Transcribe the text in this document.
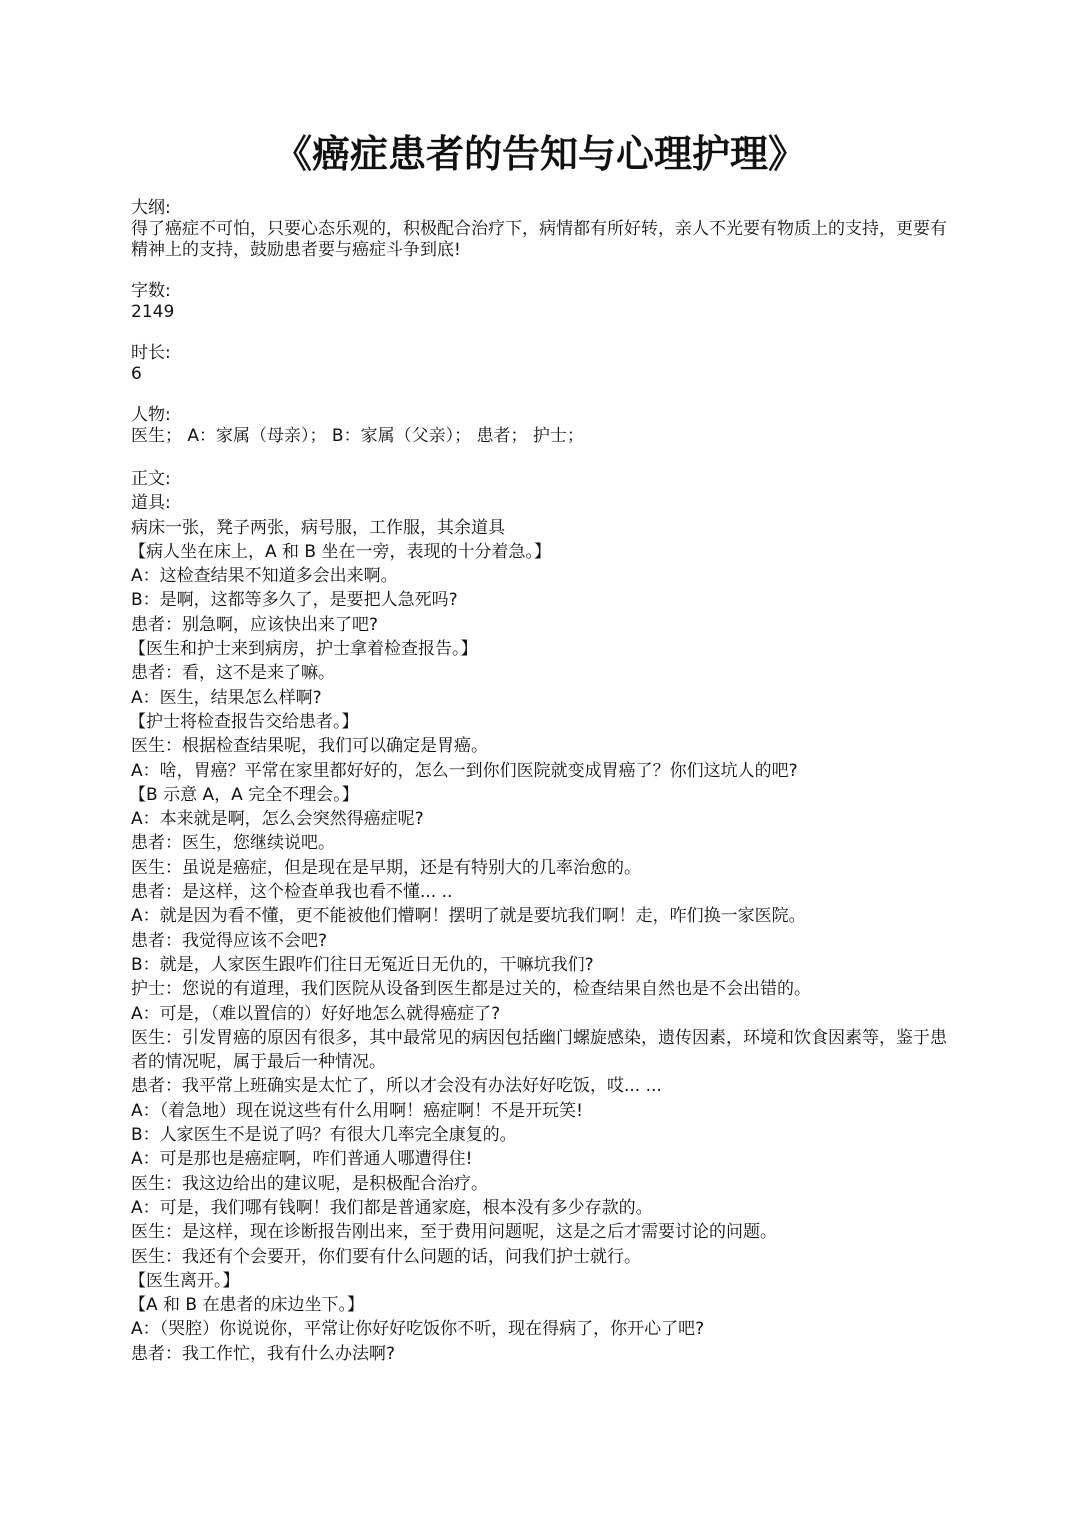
《癌症患者的告知与心理护理》
大纲:
得了癌症不可怕，只要心态乐观的，积极配合治疗下，病情都有所好转，亲人不光要有物质上的支持，更要有精神上的支持，鼓励患者要与癌症斗争到底!
字数:
2149
时长:
6
人物:
医生； A：家属（母亲）； B：家属（父亲）； 患者； 护士；
正文:
道具:
病床一张，凳子两张，病号服，工作服，其余道具
【病人坐在床上，A 和 B 坐在一旁，表现的十分着急。】
A：这检查结果不知道多会出来啊。
B：是啊，这都等多久了，是要把人急死吗?
患者：别急啊，应该快出来了吧?
【医生和护士来到病房，护士拿着检查报告。】
患者：看，这不是来了嘛。
A：医生，结果怎么样啊?
【护士将检查报告交给患者。】
医生：根据检查结果呢，我们可以确定是胃癌。
A：啥，胃癌？平常在家里都好好的，怎么一到你们医院就变成胃癌了？你们这坑人的吧?
【B 示意 A，A 完全不理会。】
A：本来就是啊，怎么会突然得癌症呢?
患者：医生，您继续说吧。
医生：虽说是癌症，但是现在是早期，还是有特别大的几率治愈的。
患者：是这样，这个检查单我也看不懂... ..
A：就是因为看不懂，更不能被他们懵啊！摆明了就是要坑我们啊！走，咋们换一家医院。
患者：我觉得应该不会吧?
B：就是，人家医生跟咋们往日无冤近日无仇的，干嘛坑我们?
护士：您说的有道理，我们医院从设备到医生都是过关的，检查结果自然也是不会出错的。
A：可是，（难以置信的）好好地怎么就得癌症了?
医生：引发胃癌的原因有很多，其中最常见的病因包括幽门螺旋感染，遗传因素，环境和饮食因素等，鉴于患者的情况呢，属于最后一种情况。
患者：我平常上班确实是太忙了，所以才会没有办法好好吃饭，哎... ...
A：（着急地）现在说这些有什么用啊！癌症啊！不是开玩笑!
B：人家医生不是说了吗？有很大几率完全康复的。
A：可是那也是癌症啊，咋们普通人哪遭得住!
医生：我这边给出的建议呢，是积极配合治疗。
A：可是，我们哪有钱啊！我们都是普通家庭，根本没有多少存款的。
医生：是这样，现在诊断报告刚出来，至于费用问题呢，这是之后才需要讨论的问题。
医生：我还有个会要开，你们要有什么问题的话，问我们护士就行。
【医生离开。】
【A 和 B 在患者的床边坐下。】
A：（哭腔）你说说你，平常让你好好吃饭你不听，现在得病了，你开心了吧?
患者：我工作忙，我有什么办法啊?
